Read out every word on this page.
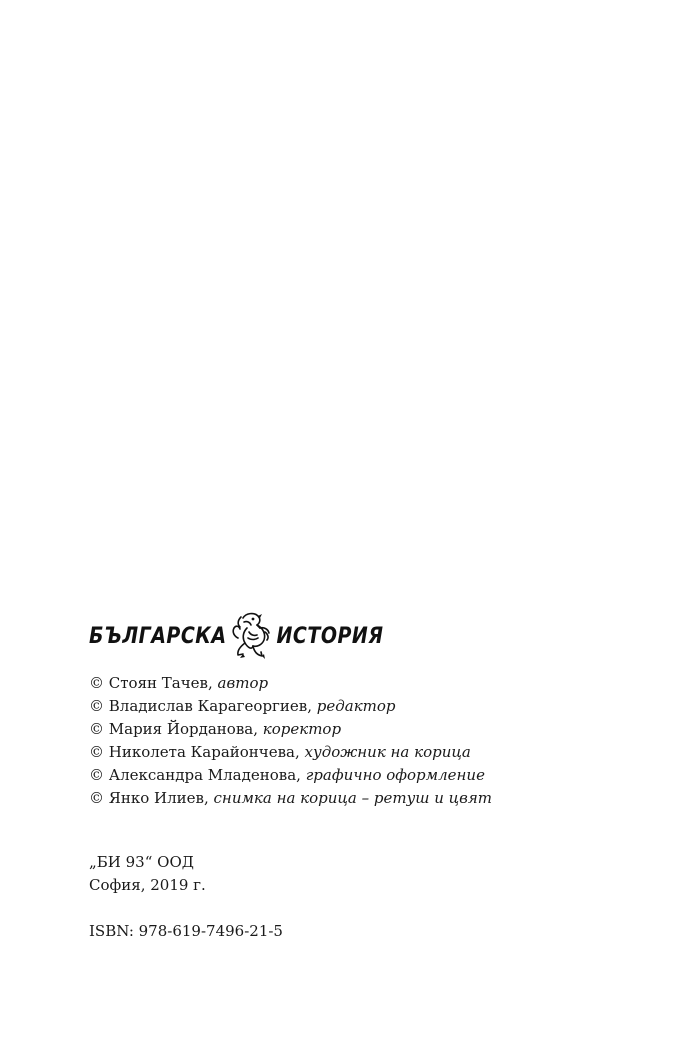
БЪЛГАРСКА	ИСТОРИЯ
© Стоян Тачев, автор
© Владислав Карагеоргиев, редактор
© Мария Йорданова, коректор
© Николета Карайончева, художник на корица
© Александра Младенова, графично оформление
© Янко Илиев, снимка на корица – ретуш и цвят
„БИ 93“ ООД
София, 2019 г.
ISBN: 978-619-7496-21-5
